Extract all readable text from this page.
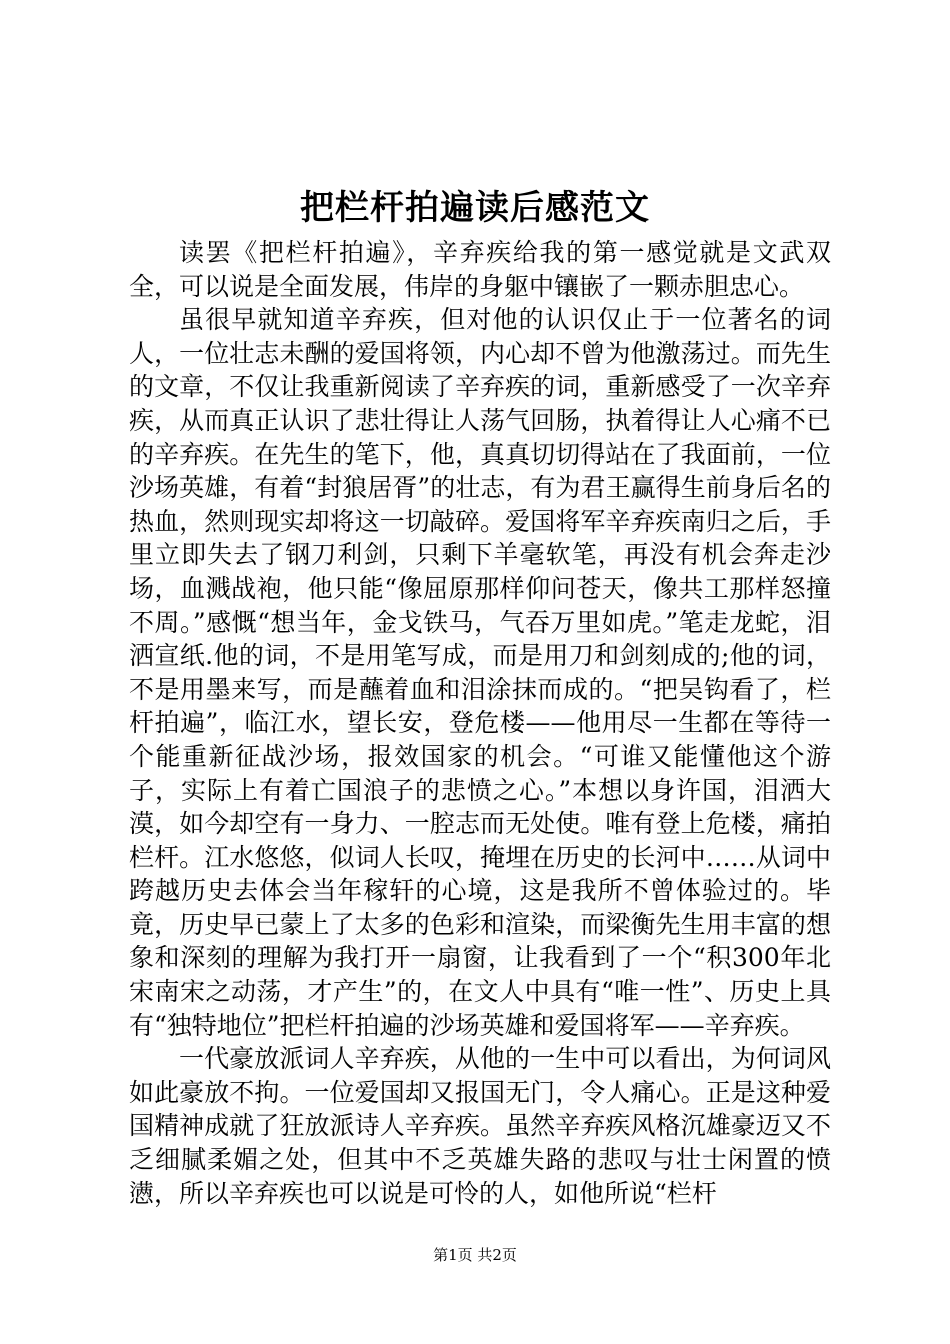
把栏杆拍遍读后感范文

读罢《把栏杆拍遍》，辛弃疾给我的第一感觉就是文武双全，可以说是全面发展，伟岸的身躯中镶嵌了一颗赤胆忠心。

虽很早就知道辛弃疾，但对他的认识仅止于一位著名的词人，一位壮志未酬的爱国将领，内心却不曾为他激荡过。而先生的文章，不仅让我重新阅读了辛弃疾的词，重新感受了一次辛弃疾，从而真正认识了悲壮得让人荡气回肠，执着得让人心痛不已的辛弃疾。在先生的笔下，他，真真切切得站在了我面前，一位沙场英雄，有着“封狼居胥”的壮志，有为君王赢得生前身后名的热血，然则现实却将这一切敲碎。爱国将军辛弃疾南归之后，手里立即失去了钢刀利剑，只剩下羊毫软笔，再没有机会奔走沙场，血溅战袍，他只能“像屈原那样仰问苍天，像共工那样怒撞不周。”感慨“想当年，金戈铁马，气吞万里如虎。”笔走龙蛇，泪洒宣纸.他的词，不是用笔写成，而是用刀和剑刻成的;他的词，不是用墨来写，而是蘸着血和泪涂抹而成的。“把吴钩看了，栏杆拍遍”，临江水，望长安，登危楼——他用尽一生都在等待一个能重新征战沙场，报效国家的机会。“可谁又能懂他这个游子，实际上有着亡国浪子的悲愤之心。”本想以身许国，泪洒大漠，如今却空有一身力、一腔志而无处使。唯有登上危楼，痛拍栏杆。江水悠悠，似词人长叹，掩埋在历史的长河中……从词中跨越历史去体会当年稼轩的心境，这是我所不曾体验过的。毕竟，历史早已蒙上了太多的色彩和渲染，而梁衡先生用丰富的想象和深刻的理解为我打开一扇窗，让我看到了一个“积300年北宋南宋之动荡，才产生”的，在文人中具有“唯一性”、历史上具有“独特地位”把栏杆拍遍的沙场英雄和爱国将军——辛弃疾。

一代豪放派词人辛弃疾，从他的一生中可以看出，为何词风如此豪放不拘。一位爱国却又报国无门，令人痛心。正是这种爱国精神成就了狂放派诗人辛弃疾。虽然辛弃疾风格沉雄豪迈又不乏细腻柔媚之处，但其中不乏英雄失路的悲叹与壮士闲置的愤懑，所以辛弃疾也可以说是可怜的人，如他所说“栏杆

第1页 共2页
